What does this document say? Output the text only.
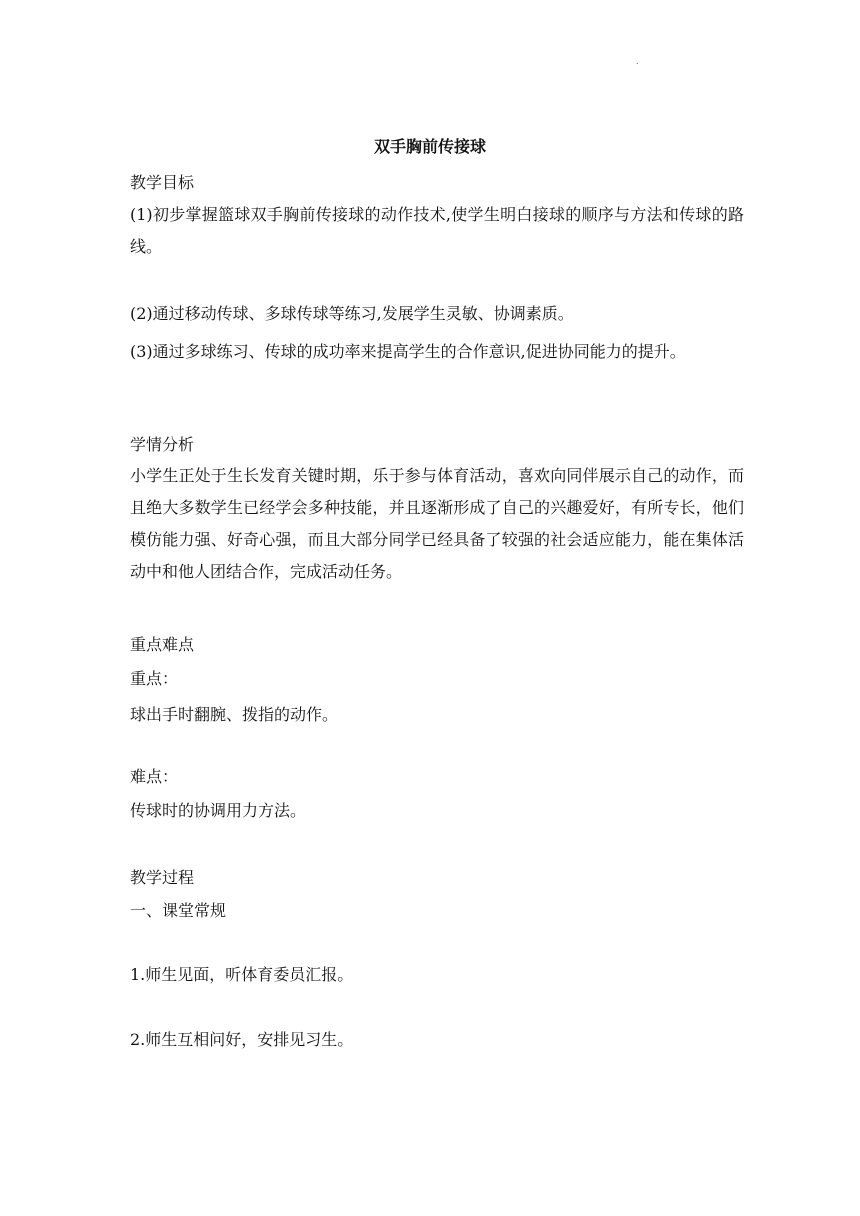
.
双手胸前传接球
教学目标
(1)初步掌握篮球双手胸前传接球的动作技术,使学生明白接球的顺序与方法和传球的路线。
(2)通过移动传球、多球传球等练习,发展学生灵敏、协调素质。
(3)通过多球练习、传球的成功率来提高学生的合作意识,促进协同能力的提升。
学情分析
小学生正处于生长发育关键时期，乐于参与体育活动，喜欢向同伴展示自己的动作，而且绝大多数学生已经学会多种技能，并且逐渐形成了自己的兴趣爱好，有所专长，他们模仿能力强、好奇心强，而且大部分同学已经具备了较强的社会适应能力，能在集体活动中和他人团结合作，完成活动任务。
重点难点
重点：
球出手时翻腕、拨指的动作。
难点：
传球时的协调用力方法。
教学过程
一、课堂常规
1.师生见面，听体育委员汇报。
2.师生互相问好，安排见习生。
